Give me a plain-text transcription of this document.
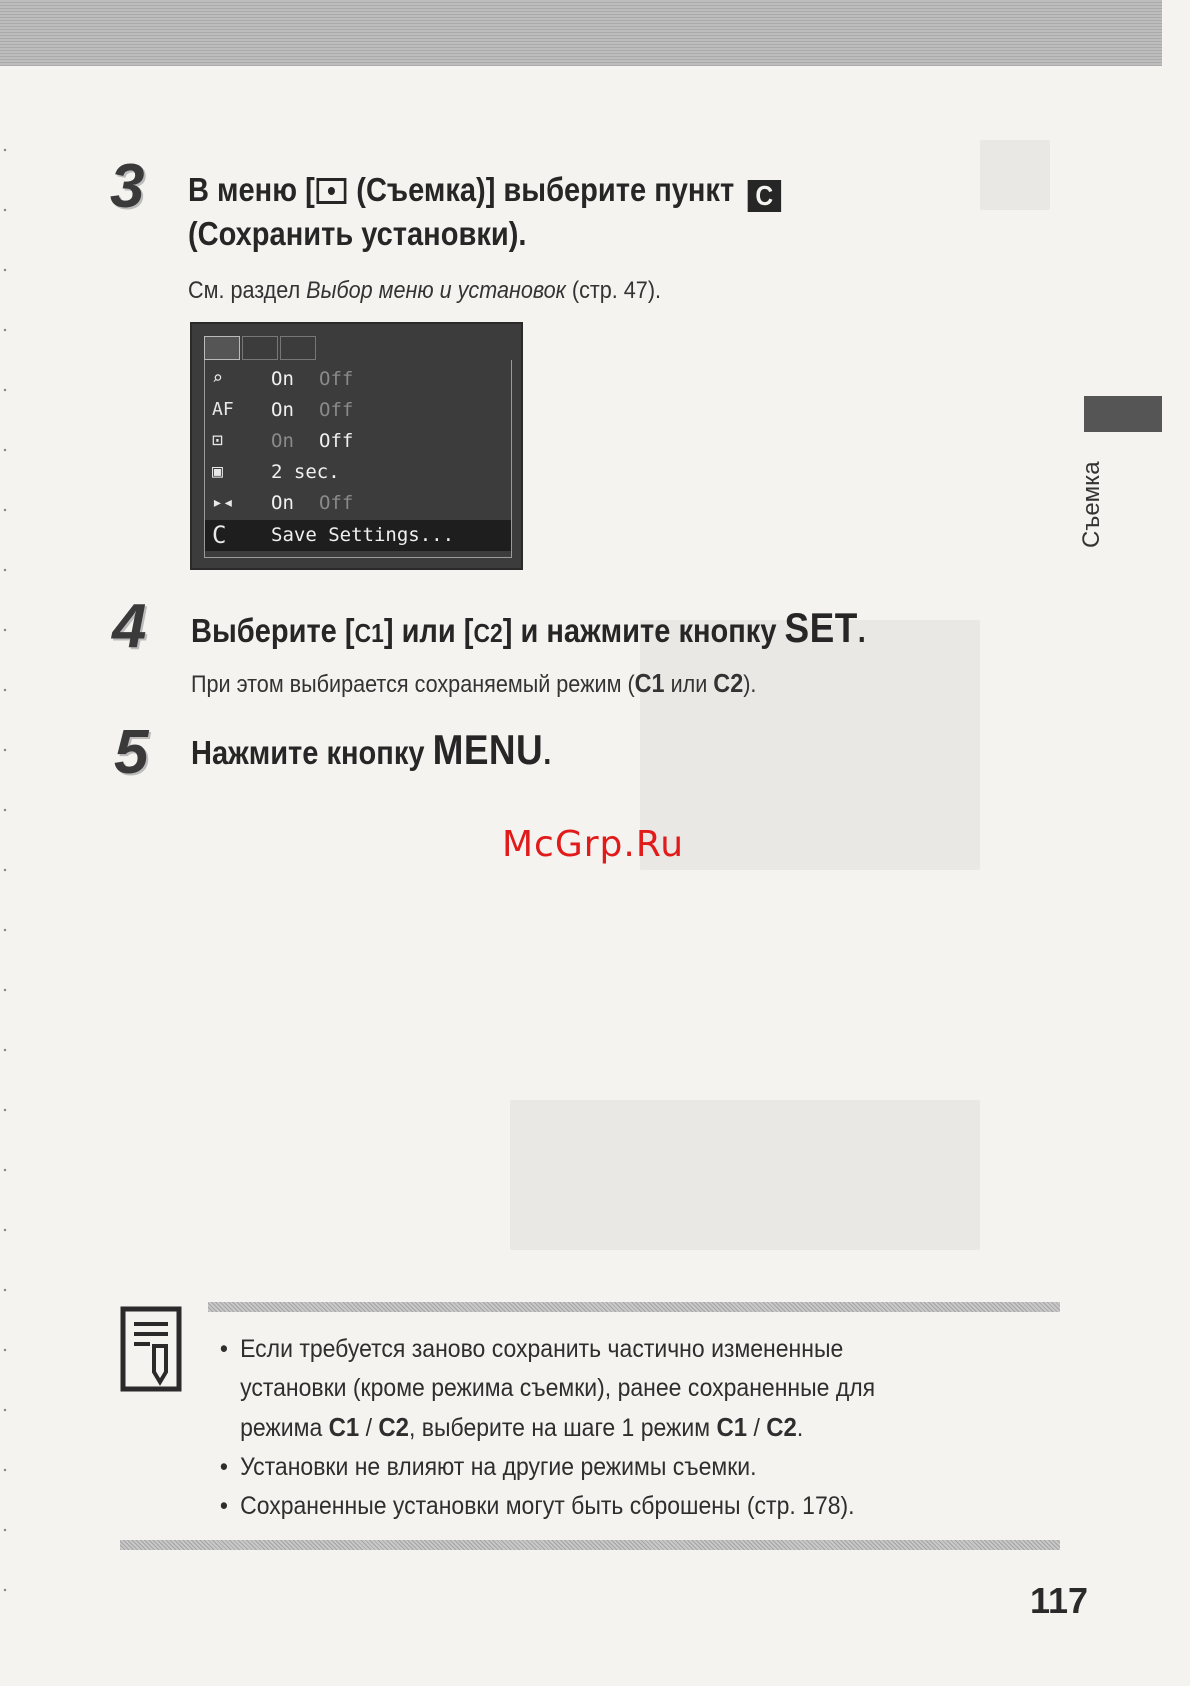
3 В меню [ (Съемка)] выберите пункт C
(Сохранить установки).
См. раздел Выбор меню и установок (стр. 47).
⌕	On Off
AF	On Off
⊡	On Off
▣	2 sec.
▸◂	On Off
C	Save Settings...
4 Выберите [C1] или [C2] и нажмите кнопку SET.
При этом выбирается сохраняемый режим (C1 или C2).
5 Нажмите кнопку MENU.
McGrp.Ru
Съемка
• Если требуется заново сохранить частично измененные
установки (кроме режима съемки), ранее сохраненные для
режима C1 / C2, выберите на шаге 1 режим C1 / C2.
• Установки не влияют на другие режимы съемки.
• Сохраненные установки могут быть сброшены (стр. 178).
117
